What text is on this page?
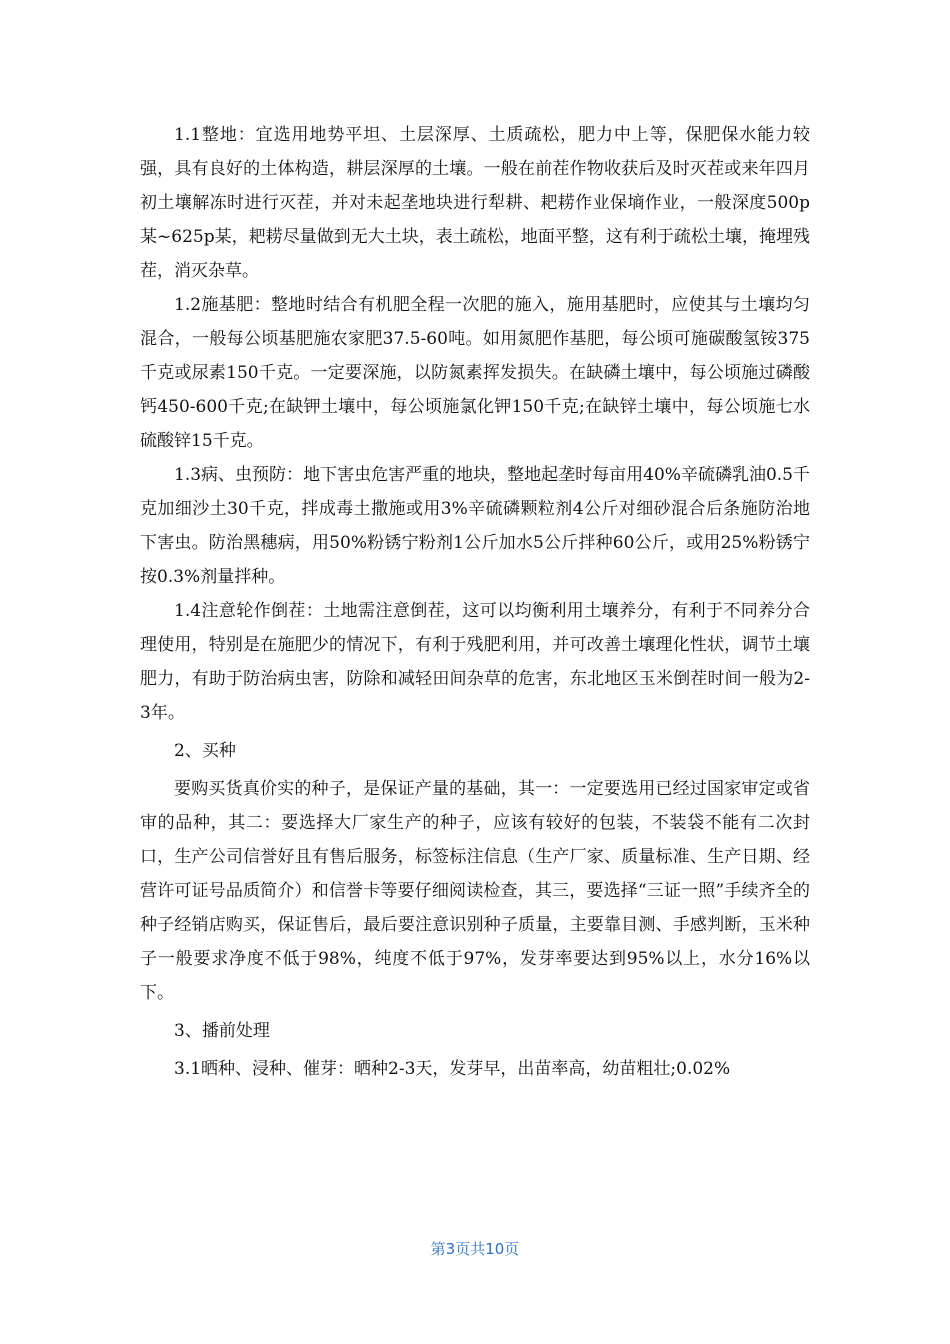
1.1整地：宜选用地势平坦、土层深厚、土质疏松，肥力中上等，保肥保水能力较强，具有良好的土体构造，耕层深厚的土壤。一般在前茬作物收获后及时灭茬或来年四月初土壤解冻时进行灭茬，并对未起垄地块进行犁耕、耙耢作业保墒作业，一般深度500p某~625p某，耙耢尽量做到无大土块，表土疏松，地面平整，这有利于疏松土壤，掩埋残茬，消灭杂草。

1.2施基肥：整地时结合有机肥全程一次肥的施入，施用基肥时，应使其与土壤均匀混合，一般每公顷基肥施农家肥37.5-60吨。如用氮肥作基肥，每公顷可施碳酸氢铵375千克或尿素150千克。一定要深施，以防氮素挥发损失。在缺磷土壤中，每公顷施过磷酸钙450-600千克;在缺钾土壤中，每公顷施氯化钾150千克;在缺锌土壤中，每公顷施七水硫酸锌15千克。

1.3病、虫预防：地下害虫危害严重的地块，整地起垄时每亩用40%辛硫磷乳油0.5千克加细沙土30千克，拌成毒土撒施或用3%辛硫磷颗粒剂4公斤对细砂混合后条施防治地下害虫。防治黑穗病，用50%粉锈宁粉剂1公斤加水5公斤拌种60公斤，或用25%粉锈宁按0.3%剂量拌种。

1.4注意轮作倒茬：土地需注意倒茬，这可以均衡利用土壤养分，有利于不同养分合理使用，特别是在施肥少的情况下，有利于残肥利用，并可改善土壤理化性状，调节土壤肥力，有助于防治病虫害，防除和减轻田间杂草的危害，东北地区玉米倒茬时间一般为2-3年。

2、买种

要购买货真价实的种子，是保证产量的基础，其一：一定要选用已经过国家审定或省审的品种，其二：要选择大厂家生产的种子，应该有较好的包装，不装袋不能有二次封口，生产公司信誉好且有售后服务，标签标注信息（生产厂家、质量标准、生产日期、经营许可证号品质简介）和信誉卡等要仔细阅读检查，其三，要选择“三证一照”手续齐全的种子经销店购买，保证售后，最后要注意识别种子质量，主要靠目测、手感判断，玉米种子一般要求净度不低于98%，纯度不低于97%，发芽率要达到95%以上，水分16%以下。

3、播前处理

3.1晒种、浸种、催芽：晒种2-3天，发芽早，出苗率高，幼苗粗壮;0.02%

第3页共10页
